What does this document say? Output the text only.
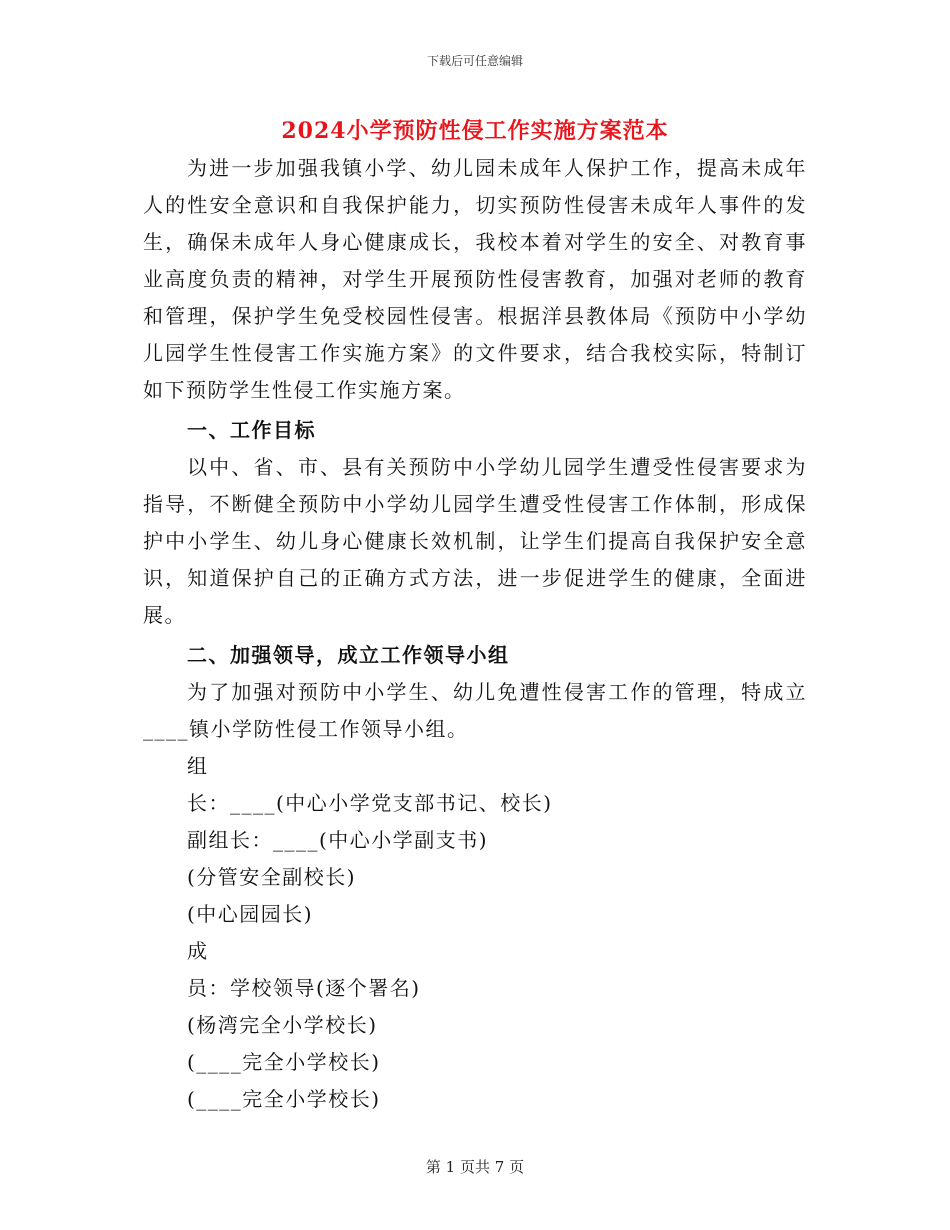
下载后可任意编辑
2024小学预防性侵工作实施方案范本

为进一步加强我镇小学、幼儿园未成年人保护工作，提高未成年人的性安全意识和自我保护能力，切实预防性侵害未成年人事件的发生，确保未成年人身心健康成长，我校本着对学生的安全、对教育事业高度负责的精神，对学生开展预防性侵害教育，加强对老师的教育和管理，保护学生免受校园性侵害。根据洋县教体局《预防中小学幼儿园学生性侵害工作实施方案》的文件要求，结合我校实际，特制订如下预防学生性侵工作实施方案。

一、工作目标

以中、省、市、县有关预防中小学幼儿园学生遭受性侵害要求为指导，不断健全预防中小学幼儿园学生遭受性侵害工作体制，形成保护中小学生、幼儿身心健康长效机制，让学生们提高自我保护安全意识，知道保护自己的正确方式方法，进一步促进学生的健康，全面进展。

二、加强领导，成立工作领导小组

为了加强对预防中小学生、幼儿免遭性侵害工作的管理，特成立____镇小学防性侵工作领导小组。

组

长：____(中心小学党支部书记、校长)

副组长：____(中心小学副支书)

(分管安全副校长)

(中心园园长)

成

员：学校领导(逐个署名)

(杨湾完全小学校长)

(____完全小学校长)

(____完全小学校长)

第 1 页共 7 页
